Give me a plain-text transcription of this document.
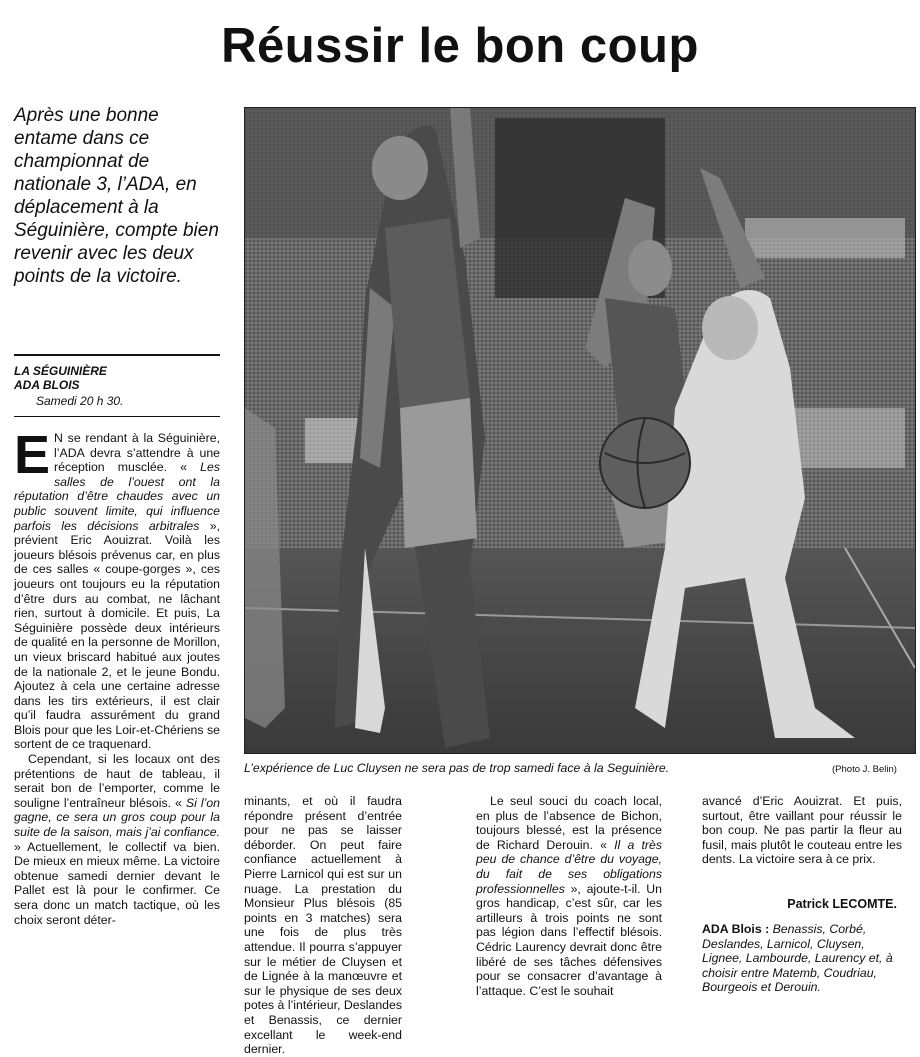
Réussir le bon coup
Après une bonne entame dans ce championnat de nationale 3, l’ADA, en déplacement à la Séguinière, compte bien revenir avec les deux points de la victoire.
LA SÉGUINIÈRE
ADA BLOIS
Samedi 20 h 30.

E N se rendant à la Séguinière, l’ADA devra s’attendre à une réception musclée. « Les salles de l’ouest ont la réputation d’être chaudes avec un public souvent limite, qui influence parfois les décisions arbitrales », prévient Eric Aouizrat. Voilà les joueurs blésois prévenus car, en plus de ces salles « coupe-gorges », ces joueurs ont toujours eu la réputation d’être durs au combat, ne lâchant rien, surtout à domicile. Et puis, La Séguinière possède deux intérieurs de qualité en la personne de Morillon, un vieux briscard habitué aux joutes de la nationale 2, et le jeune Bondu. Ajoutez à cela une certaine adresse dans les tirs extérieurs, il est clair qu’il faudra assurément du grand Blois pour que les Loir-et-Chériens se sortent de ce traquenard.

Cependant, si les locaux ont des prétentions de haut de tableau, il serait bon de l’emporter, comme le souligne l’entraîneur blésois. « Si l’on gagne, ce sera un gros coup pour la suite de la saison, mais j’ai confiance. » Actuellement, le collectif va bien. De mieux en mieux même. La victoire obtenue samedi dernier devant le Pallet est là pour le confirmer. Ce sera donc un match tactique, où les choix seront déter-

L’expérience de Luc Cluysen ne sera pas de trop samedi face à la Seguinière.	(Photo J. Belin)

minants, et où il faudra répondre présent d’entrée pour ne pas se laisser déborder. On peut faire confiance actuellement à Pierre Larnicol qui est sur un nuage. La prestation du Monsieur Plus blésois (85 points en 3 matches) sera une fois de plus très attendue. Il pourra s’appuyer sur le métier de Cluysen et de Lignée à la manœuvre et sur le physique de ses deux potes à l’intérieur, Deslandes et Benassis, ce dernier excellant le week-end dernier.

Le seul souci du coach local, en plus de l’absence de Bichon, toujours blessé, est la présence de Richard Derouin. « Il a très peu de chance d’être du voyage, du fait de ses obligations professionnelles », ajoute-t-il. Un gros handicap, c’est sûr, car les artilleurs à trois points ne sont pas légion dans l’effectif blésois. Cédric Laurency devrait donc être libéré de ses tâches défensives pour se consacrer d’avantage à l’attaque. C’est le souhait

avancé d’Eric Aouizrat. Et puis, surtout, être vaillant pour réussir le bon coup. Ne pas partir la fleur au fusil, mais plutôt le couteau entre les dents. La victoire sera à ce prix.

Patrick LECOMTE.
ADA Blois : Benassis, Corbé, Deslandes, Larnicol, Cluysen, Lignee, Lambourde, Laurency et, à choisir entre Matemb, Coudriau, Bourgeois et Derouin.
